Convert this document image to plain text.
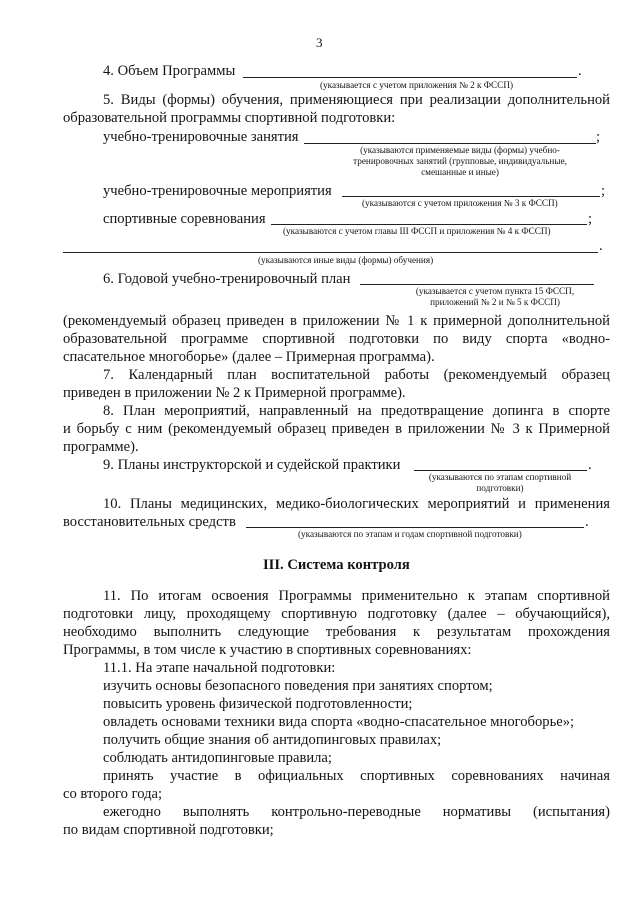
3
4. Объем Программы	.
(указывается с учетом приложения № 2 к ФССП)
5. Виды (формы) обучения, применяющиеся при реализации дополнительной
образовательной программы спортивной подготовки:
учебно-тренировочные занятия	;
(указываются применяемые виды (формы) учебно-
тренировочных занятий (групповые, индивидуальные,
смешанные и иные)
учебно-тренировочные мероприятия	;
(указываются с учетом приложения № 3 к ФССП)
спортивные соревнования	;
(указываются с учетом главы III ФССП и приложения № 4 к ФССП)
.
(указываются иные виды (формы) обучения)
6. Годовой учебно-тренировочный план
(указывается с учетом пункта 15 ФССП,
приложений № 2 и № 5 к ФССП)
(рекомендуемый образец приведен в приложении № 1 к примерной дополнительной
образовательной программе спортивной подготовки по виду спорта «водно-
спасательное многоборье» (далее – Примерная программа).
7. Календарный план воспитательной работы (рекомендуемый образец
приведен в приложении № 2 к Примерной программе).
8. План мероприятий, направленный на предотвращение допинга в спорте
и борьбу с ним (рекомендуемый образец приведен в приложении № 3 к Примерной
программе).
9. Планы инструкторской и судейской практики	.
(указываются по этапам спортивной
подготовки)
10. Планы медицинских, медико-биологических мероприятий и применения
восстановительных средств	.
(указываются по этапам и годам спортивной подготовки)
III. Система контроля
11. По итогам освоения Программы применительно к этапам спортивной
подготовки лицу, проходящему спортивную подготовку (далее – обучающийся),
необходимо выполнить следующие требования к результатам прохождения
Программы, в том числе к участию в спортивных соревнованиях:
11.1. На этапе начальной подготовки:
изучить основы безопасного поведения при занятиях спортом;
повысить уровень физической подготовленности;
овладеть основами техники вида спорта «водно-спасательное многоборье»;
получить общие знания об антидопинговых правилах;
соблюдать антидопинговые правила;
принять участие в официальных спортивных соревнованиях начиная
со второго года;
ежегодно выполнять контрольно-переводные нормативы (испытания)
по видам спортивной подготовки;
